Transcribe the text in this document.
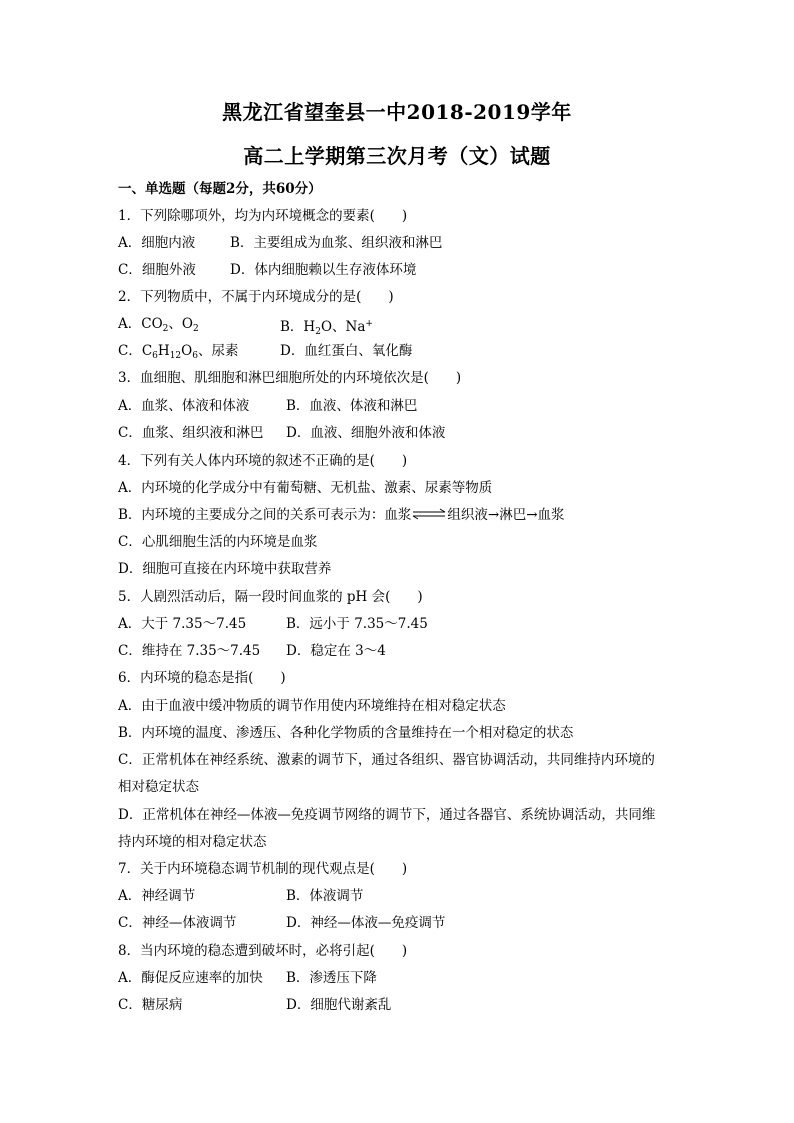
黑龙江省望奎县一中2018-2019学年
高二上学期第三次月考（文）试题
一、单选题（每题2分，共60分）
1．下列除哪项外，均为内环境概念的要素(　　)
A．细胞内液	B．主要组成为血浆、组织液和淋巴
C．细胞外液	D．体内细胞赖以生存液体环境
2．下列物质中，不属于内环境成分的是(　　)
A．$CO_2$、$O_2$	B．$H_2O$、Na+
C．$C_6H_{12}O_6$、尿素	D．血红蛋白、氧化酶
3．血细胞、肌细胞和淋巴细胞所处的内环境依次是(　　)
A．血浆、体液和体液	B．血液、体液和淋巴
C．血浆、组织液和淋巴 D．血液、细胞外液和体液
4．下列有关人体内环境的叙述不正确的是(　　)
A．内环境的化学成分中有葡萄糖、无机盐、激素、尿素等物质
B．内环境的主要成分之间的关系可表示为：血浆	组织液→淋巴→血浆
C．心肌细胞生活的内环境是血浆
D．细胞可直接在内环境中获取营养
5．人剧烈活动后，隔一段时间血浆的 pH 会(　　)
A．大于 7.35～7.45	B．远小于 7.35～7.45
C．维持在 7.35～7.45 D．稳定在 3～4
6．内环境的稳态是指(　　)
A．由于血液中缓冲物质的调节作用使内环境维持在相对稳定状态
B．内环境的温度、渗透压、各种化学物质的含量维持在一个相对稳定的状态
C．正常机体在神经系统、激素的调节下，通过各组织、器官协调活动，共同维持内环境的
相对稳定状态
D．正常机体在神经—体液—免疫调节网络的调节下，通过各器官、系统协调活动，共同维
持内环境的相对稳定状态
7．关于内环境稳态调节机制的现代观点是(　　)
A．神经调节	B．体液调节
C．神经—体液调节	D．神经—体液—免疫调节
8．当内环境的稳态遭到破坏时，必将引起(　　)
A．酶促反应速率的加快 B．渗透压下降
C．糖尿病	D．细胞代谢紊乱
